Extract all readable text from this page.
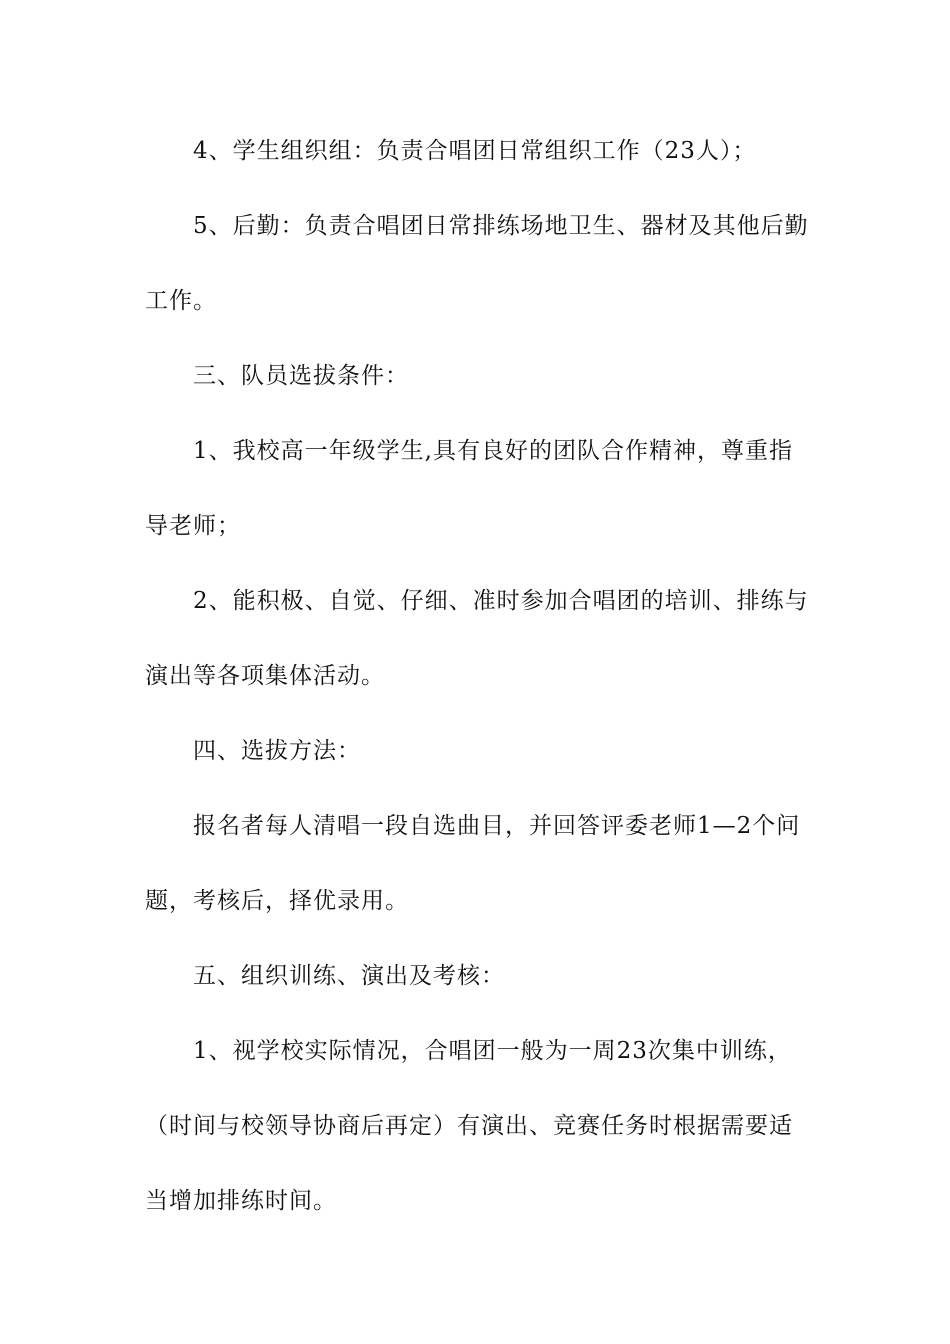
4、学生组织组：负责合唱团日常组织工作（23人）；
5、后勤：负责合唱团日常排练场地卫生、器材及其他后勤
工作。
三、队员选拔条件：
1、我校高一年级学生,具有良好的团队合作精神，尊重指
导老师；
2、能积极、自觉、仔细、准时参加合唱团的培训、排练与
演出等各项集体活动。
四、选拔方法：
报名者每人清唱一段自选曲目，并回答评委老师1—2个问
题，考核后，择优录用。
五、组织训练、演出及考核：
1、视学校实际情况，合唱团一般为一周23次集中训练，
（时间与校领导协商后再定）有演出、竞赛任务时根据需要适
当增加排练时间。
